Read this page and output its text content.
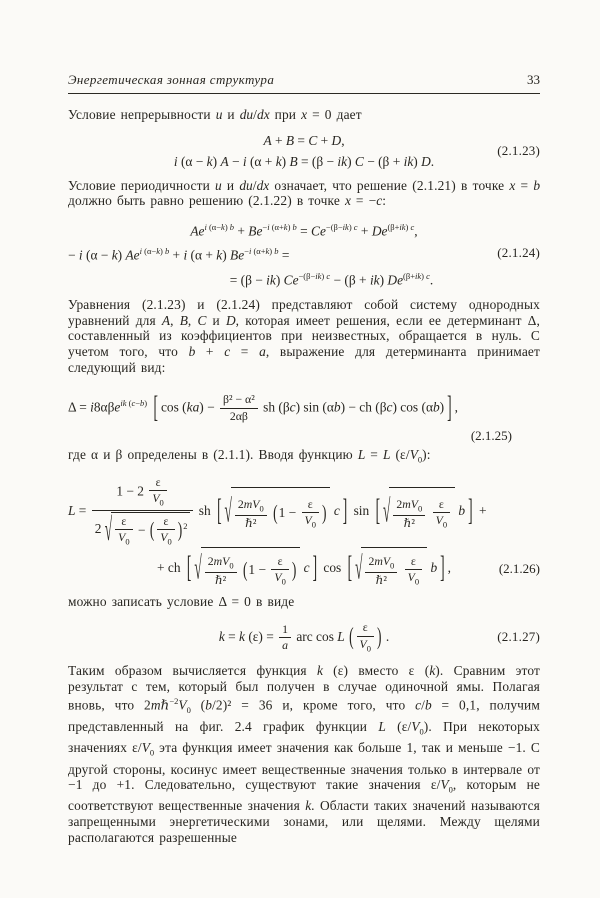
Энергетическая зонная структура	33

Условие непрерывности u и du/dx при x = 0 дает

A + B = C + D,
i (α − k) A − i (α + k) B = (β − ik) C − (β + ik) D.
(2.1.23)

Условие периодичности u и du/dx означает, что решение (2.1.21) в точке x = b должно быть равно решению (2.1.22) в точке x = −c:

$Ae^{i (\alpha-k) b} + Be^{-i (\alpha+k) b} = Ce^{-(\beta-ik) c} + De^{(\beta+ik) c}$,
− i (α − k) $Ae^{i (\alpha-k) b} + i$ (α + k) $Be^{-i (\alpha+k) b}$ =
= (β − ik) $Ce^{-(\beta-ik) c} - (\beta + ik)$ $De^{(\beta+ik) c}$.
(2.1.24)

Уравнения (2.1.23) и (2.1.24) представляют собой систему однородных уравнений для A, B, C и D, которая имеет решения, если ее детерминант Δ, составленный из коэффициентов при неизвестных, обращается в нуль. С учетом того, что b + c = a, выражение для детерминанта принимает следующий вид:

Δ = i8αβe$^{ik (c-b)}$ [ $\cos (ka) - \frac{\text{β² − α²}}{2\alpha\beta}$ sh (βc) sin (αb) − ch (βc) cos (αb) ] ,
(2.1.25)

где α и β определены в (2.1.1). Вводя функцию L = L $(\varepsilon/V_0)$:

$L = \frac{1 - 2 \frac{\varepsilon}{V_0}}{2 √ \frac{\varepsilon}{V_0} - ( \frac{\varepsilon}{V_0} )^2}$ sh [ √ $\frac{2mV_0}{\text{ℏ²}} (1 - \frac{\varepsilon}{V_0}$ ) c ] sin [ √ $\frac{2mV_0}{\text{ℏ²}}$
$\frac{\varepsilon}{V_0}$ b ] +
+ ch [ √ $\frac{2mV_0}{\text{ℏ²}} (1 - \frac{\varepsilon}{V_0}$ ) c ] cos [ √ $\frac{2mV_0}{\text{ℏ²}}$
$\frac{\varepsilon}{V_0}$ b ] ,	(2.1.26)

можно записать условие Δ = 0 в виде

k = k $(\varepsilon) = \frac{1}{a}$ arc cos L ( $\frac{\varepsilon}{V_0}$ ) .	(2.1.27)

Таким образом вычисляется функция k (ε) вместо ε (k). Сравним этот результат с тем, который был получен в случае одиночной ямы. Полагая вновь, что $2m\hbar^{-2}V_0$ (b/2)² = 36 и, кроме того, что c/b = 0,1, получим представленный на фиг. 2.4 график функции L $(\varepsilon/V_0)$. При некоторых значениях $\varepsilon/V_0$ эта функция имеет значения как больше 1, так и меньше −1. С другой стороны, косинус имеет вещественные значения только в интервале от −1 до +1. Следовательно, существуют такие значения $\varepsilon/V_0$, которым не соответствуют вещественные значения k. Области таких значений называются запрещенными энергетическими зонами, или щелями. Между щелями располагаются разрешенные
